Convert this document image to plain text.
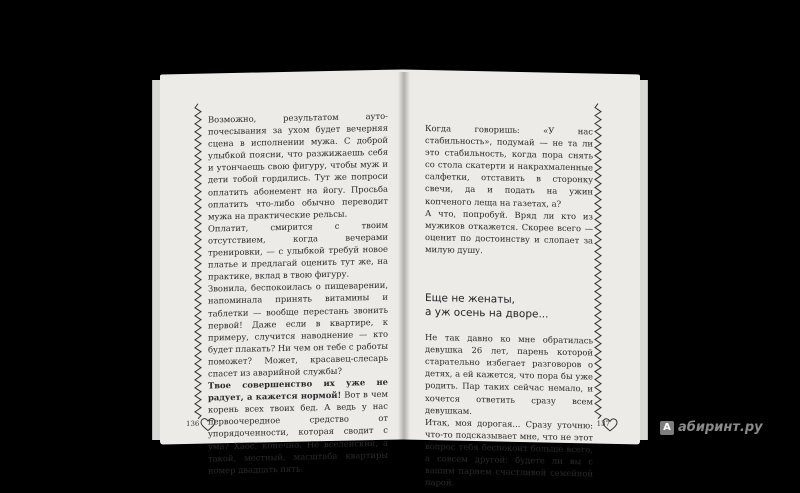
Возможно, результатом ауто-почесывания за ухом будет вечерняя сцена в исполнении мужа. С доброй улыбкой поясни, что разжижаешь себя и утончаешь свою фигуру, чтобы муж и дети тобой гордились. Тут же попроси оплатить абонемент на йогу. Просьба оплатить что-либо обычно переводит мужа на практические рельсы.

Оплатит, смирится с твоим отсутствием, когда вечерами тренировки, — с улыбкой требуй новое платье и предлагай оценить тут же, на практике, вклад в твою фигуру.

Звонила, беспокоилась о пищеварении, напоминала принять витамины и таблетки — вообще перестань звонить первой! Даже если в квартире, к примеру, случится наводнение — кто будет плакать? Ни чем он тебе с работы поможет? Может, красавец-слесарь спасет из аварийной службы?

Твое совершенство их уже не радует, а кажется нормой! Вот в чем корень всех твоих бед. А ведь у нас первоочередное средство от упорядоченности, которая сводит с ума? Хаос, конечно. Не вселенский, а такой, местный, масштаба квартиры номер двадцать пять.

136

Когда говоришь: «У нас стабильность», подумай — не та ли это стабильность, когда пора снять со стола скатерти и накрахмаленные салфетки, отставить в сторонку свечи, да и подать на ужин копченого леща на газетах, а?

А что, попробуй. Вряд ли кто из мужиков откажется. Скорее всего — оценит по достоинству и слопает за милую душу.

Еще не женаты,

а уж осень на дворе...

Не так давно ко мне обратилась девушка 26 лет, парень которой старательно избегает разговоров о детях, а ей кажется, что пора бы уже родить. Пар таких сейчас немало, и хочется ответить сразу всем девушкам.

Итак, моя дорогая... Сразу уточню: что-то подсказывает мне, что не этот вопрос тебя беспокоит больше всего, а совсем другой: будете ли вы с вашим парнем счастливой семейной парой.

137	А абиринт.ру
